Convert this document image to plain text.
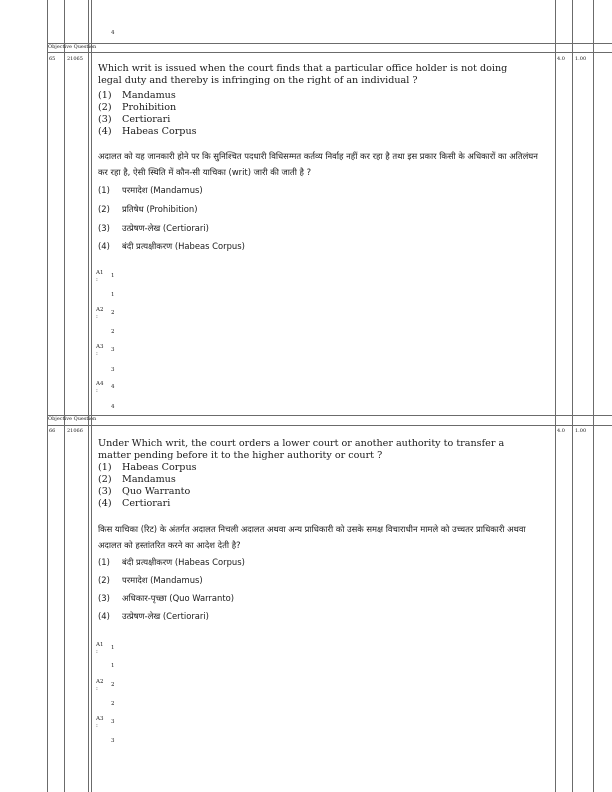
4
Objective Question
65 21065	4.0 1.00
Which writ is issued when the court finds that a particular office holder is not doing legal duty and thereby is infringing on the right of an individual ?
(1) Mandamus
(2) Prohibition
(3) Certiorari
(4) Habeas Corpus
अदालत को यह जानकारी होने पर कि सुनिश्चित पदधारी विधिसम्मत कर्तव्य निर्वाह नहीं कर रहा है तथा इस प्रकार किसी के अधिकारों का अतिलंघन कर रहा है, ऐसी स्थिति में कौन-सी याचिका (writ) जारी की जाती है ?
(1) परमादेश (Mandamus)
(2) प्रतिषेध (Prohibition)
(3) उत्प्रेषण-लेख (Certiorari)
(4) बंदी प्रत्यक्षीकरण (Habeas Corpus)
A1
:
1
1
A2
:
2
2
A3
:
3
3
A4
:
4
4
Objective Question
66 21066	4.0 1.00
Under Which writ, the court orders a lower court or another authority to transfer a matter pending before it to the higher authority or court ?
(1) Habeas Corpus
(2) Mandamus
(3) Quo Warranto
(4) Certiorari
किस याचिका (रिट) के अंतर्गत अदालत निचली अदालत अथवा अन्य प्राधिकारी को उसके समक्ष विचाराधीन मामले को उच्चतर प्राधिकारी अथवा अदालत को हस्तांतरित करने का आदेश देती है?
(1) बंदी प्रत्यक्षीकरण (Habeas Corpus)
(2) परमादेश (Mandamus)
(3) अधिकार-पृच्छा (Quo Warranto)
(4) उत्प्रेषण-लेख (Certiorari)
A1
:
1
1
A2
:
2
2
A3
:
3
3
